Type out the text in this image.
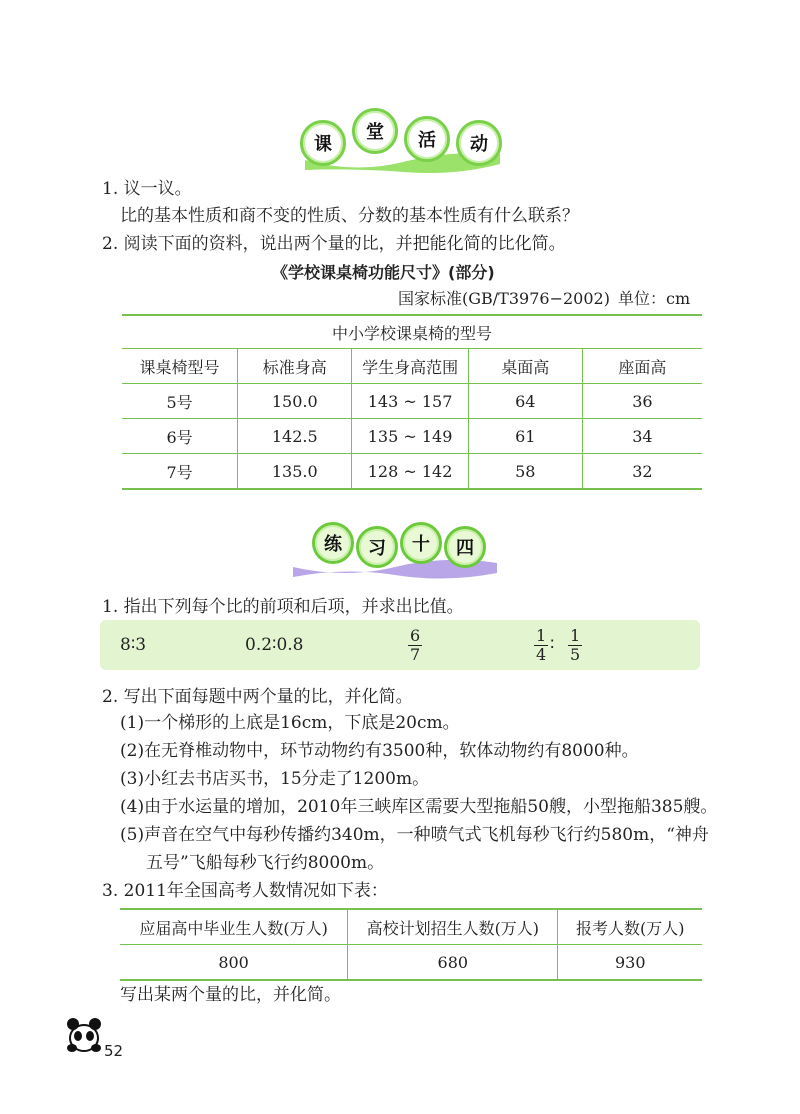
课
堂	活	动
1. 议一议。
比的基本性质和商不变的性质、分数的基本性质有什么联系？
2. 阅读下面的资料，说出两个量的比，并把能化简的比化简。
《学校课桌椅功能尺寸》(部分)
国家标准(GB/T3976−2002) 单位：cm
中小学校课桌椅的型号				
课桌椅型号	标准身高	学生身高范围	桌面高	座面高
5号	150.0	143 ~ 157	64	36
6号	142.5	135 ~ 149	61	34
7号	135.0	128 ~ 142	58	32
练	习	十	四
1. 指出下列每个比的前项和后项，并求出比值。
8∶3	0.2∶0.8	$\frac{6}{7}$	$\frac{1}{4}$ ∶ $\frac{1}{5}$
2. 写出下面每题中两个量的比，并化简。
(1)一个梯形的上底是16cm，下底是20cm。
(2)在无脊椎动物中，环节动物约有3500种，软体动物约有8000种。
(3)小红去书店买书，15分走了1200m。
(4)由于水运量的增加，2010年三峡库区需要大型拖船50艘，小型拖船385艘。
(5)声音在空气中每秒传播约340m，一种喷气式飞机每秒飞行约580m，“神舟
五号”飞船每秒飞行约8000m。
3. 2011年全国高考人数情况如下表：
应届高中毕业生人数(万人)	高校计划招生人数(万人)	报考人数(万人)
800	680	930
写出某两个量的比，并化简。
52
